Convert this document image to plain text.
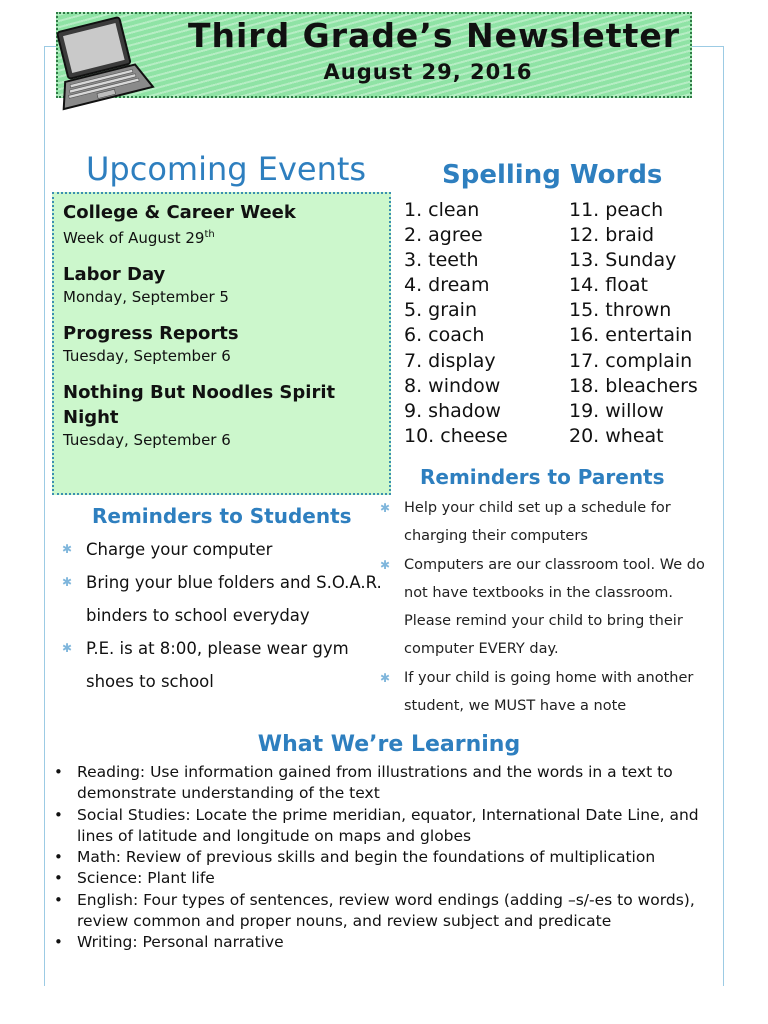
Third Grade’s Newsletter
August 29, 2016
Upcoming Events
College & Career Week
Week of August 29th
Labor Day
Monday, September 5
Progress Reports
Tuesday, September 6
Nothing But Noodles Spirit Night
Tuesday, September 6
Spelling Words
1. clean
2. agree
3. teeth
4. dream
5. grain
6. coach
7. display
8. window
9. shadow
10. cheese
11. peach
12. braid
13. Sunday
14. float
15. thrown
16. entertain
17. complain
18. bleachers
19. willow
20. wheat
Reminders to Students
✱ Charge your computer
✱ Bring your blue folders and S.O.A.R. binders to school everyday
✱ P.E. is at 8:00, please wear gym shoes to school
Reminders to Parents
✱ Help your child set up a schedule for charging their computers
✱ Computers are our classroom tool. We do not have textbooks in the classroom. Please remind your child to bring their computer EVERY day.
✱ If your child is going home with another student, we MUST have a note
What We’re Learning
• Reading: Use information gained from illustrations and the words in a text to demonstrate understanding of the text
• Social Studies: Locate the prime meridian, equator, International Date Line, and lines of latitude and longitude on maps and globes
• Math: Review of previous skills and begin the foundations of multiplication
• Science: Plant life
• English: Four types of sentences, review word endings (adding –s/-es to words), review common and proper nouns, and review subject and predicate
• Writing: Personal narrative
